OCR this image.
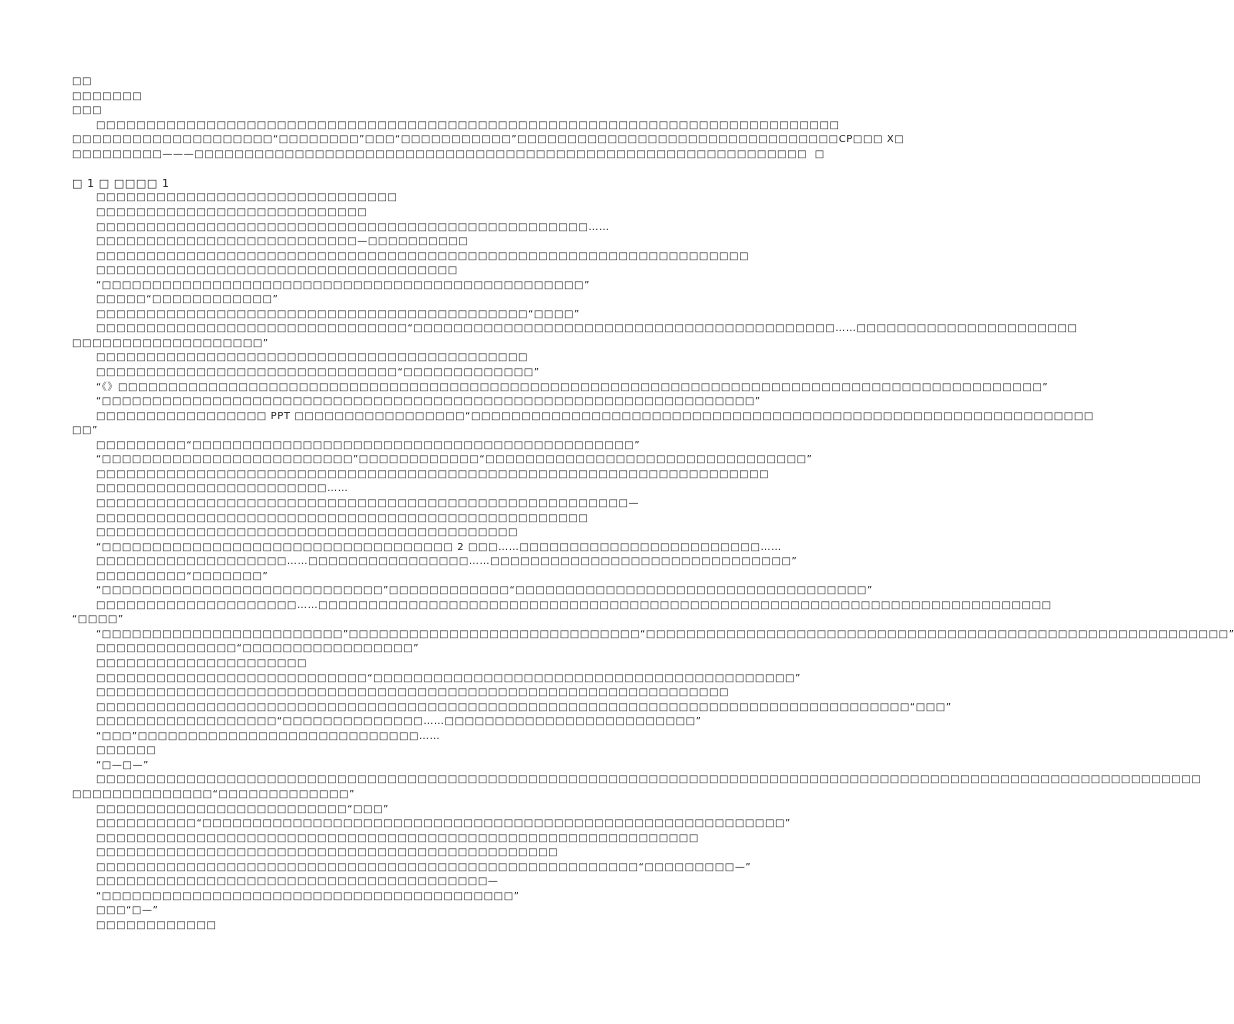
□□
□□□□□□□
□□□
□□□□□□□□□□□□□□□□□□□□□□□□□□□□□□□□□□□□□□□□□□□□□□□□□□□□□□□□□□□□□□□□□□□□□□□□□□
□□□□□□□□□□□□□□□□□□□□“□□□□□□□□”□□□“□□□□□□□□□□□”□□□□□□□□□□□□□□□□□□□□□□□□□□□□□□□□CP□□□ X□
□□□□□□□□□———□□□□□□□□□□□□□□□□□□□□□□□□□□□□□□□□□□□□□□□□□□□□□□□□□□□□□□□□□□□□□  □
□ 1 □ □□□□ 1
□□□□□□□□□□□□□□□□□□□□□□□□□□□□□□
□□□□□□□□□□□□□□□□□□□□□□□□□□□
□□□□□□□□□□□□□□□□□□□□□□□□□□□□□□□□□□□□□□□□□□□□□□□□□……
□□□□□□□□□□□□□□□□□□□□□□□□□□—□□□□□□□□□□
□□□□□□□□□□□□□□□□□□□□□□□□□□□□□□□□□□□□□□□□□□□□□□□□□□□□□□□□□□□□□□□□□
□□□□□□□□□□□□□□□□□□□□□□□□□□□□□□□□□□□□
“□□□□□□□□□□□□□□□□□□□□□□□□□□□□□□□□□□□□□□□□□□□□□□□□”
□□□□□“□□□□□□□□□□□□”
□□□□□□□□□□□□□□□□□□□□□□□□□□□□□□□□□□□□□□□□□□□“□□□□”
□□□□□□□□□□□□□□□□□□□□□□□□□□□□□□□“□□□□□□□□□□□□□□□□□□□□□□□□□□□□□□□□□□□□□□□□□□……□□□□□□□□□□□□□□□□□□□□□□
□□□□□□□□□□□□□□□□□□□”
□□□□□□□□□□□□□□□□□□□□□□□□□□□□□□□□□□□□□□□□□□□
□□□□□□□□□□□□□□□□□□□□□□□□□□□□□□“□□□□□□□□□□□□□”
“《》□□□□□□□□□□□□□□□□□□□□□□□□□□□□□□□□□□□□□□□□□□□□□□□□□□□□□□□□□□□□□□□□□□□□□□□□□□□□□□□□□□□□□□□□□□□□”
“□□□□□□□□□□□□□□□□□□□□□□□□□□□□□□□□□□□□□□□□□□□□□□□□□□□□□□□□□□□□□□□□□”
□□□□□□□□□□□□□□□□□ PPT □□□□□□□□□□□□□□□□□“□□□□□□□□□□□□□□□□□□□□□□□□□□□□□□□□□□□□□□□□□□□□□□□□□□□□□□□□□□□□□□
□□”
□□□□□□□□□“□□□□□□□□□□□□□□□□□□□□□□□□□□□□□□□□□□□□□□□□□□□□”
“□□□□□□□□□□□□□□□□□□□□□□□□□”□□□□□□□□□□□□“□□□□□□□□□□□□□□□□□□□□□□□□□□□□□□□□”
□□□□□□□□□□□□□□□□□□□□□□□□□□□□□□□□□□□□□□□□□□□□□□□□□□□□□□□□□□□□□□□□□□□
□□□□□□□□□□□□□□□□□□□□□□□……
□□□□□□□□□□□□□□□□□□□□□□□□□□□□□□□□□□□□□□□□□□□□□□□□□□□□□—
□□□□□□□□□□□□□□□□□□□□□□□□□□□□□□□□□□□□□□□□□□□□□□□□□
□□□□□□□□□□□□□□□□□□□□□□□□□□□□□□□□□□□□□□□□□□
“□□□□□□□□□□□□□□□□□□□□□□□□□□□□□□□□□□□ 2 □□□……□□□□□□□□□□□□□□□□□□□□□□□□……
□□□□□□□□□□□□□□□□□□□……□□□□□□□□□□□□□□□□……□□□□□□□□□□□□□□□□□□□□□□□□□□□□□□”
□□□□□□□□□“□□□□□□□”
“□□□□□□□□□□□□□□□□□□□□□□□□□□□□”□□□□□□□□□□□□“□□□□□□□□□□□□□□□□□□□□□□□□□□□□□□□□□□□”
□□□□□□□□□□□□□□□□□□□□……□□□□□□□□□□□□□□□□□□□□□□□□□□□□□□□□□□□□□□□□□□□□□□□□□□□□□□□□□□□□□□□□□□□□□□□□□
“□□□□”
“□□□□□□□□□□□□□□□□□□□□□□□□”□□□□□□□□□□□□□□□□□□□□□□□□□□□□□“□□□□□□□□□□□□□□□□□□□□□□□□□□□□□□□□□□□□□□□□□□□□□□□□□□□□□□□□□□”
□□□□□□□□□□□□□□“□□□□□□□□□□□□□□□□□”
□□□□□□□□□□□□□□□□□□□□□
□□□□□□□□□□□□□□□□□□□□□□□□□□□“□□□□□□□□□□□□□□□□□□□□□□□□□□□□□□□□□□□□□□□□□□”
□□□□□□□□□□□□□□□□□□□□□□□□□□□□□□□□□□□□□□□□□□□□□□□□□□□□□□□□□□□□□□□
□□□□□□□□□□□□□□□□□□□□□□□□□□□□□□□□□□□□□□□□□□□□□□□□□□□□□□□□□□□□□□□□□□□□□□□□□□□□□□□□□“□□□”
□□□□□□□□□□□□□□□□□□“□□□□□□□□□□□□□□……□□□□□□□□□□□□□□□□□□□□□□□□□”
“□□□”□□□□□□□□□□□□□□□□□□□□□□□□□□□□……
□□□□□□
“□—□—”
□□□□□□□□□□□□□□□□□□□□□□□□□□□□□□□□□□□□□□□□□□□□□□□□□□□□□□□□□□□□□□□□□□□□□□□□□□□□□□□□□□□□□□□□□□□□□□□□□□□□□□□□□□□□□□
□□□□□□□□□□□□□□“□□□□□□□□□□□□□”
□□□□□□□□□□□□□□□□□□□□□□□□□“□□□”
□□□□□□□□□□“□□□□□□□□□□□□□□□□□□□□□□□□□□□□□□□□□□□□□□□□□□□□□□□□□□□□□□□□□□”
□□□□□□□□□□□□□□□□□□□□□□□□□□□□□□□□□□□□□□□□□□□□□□□□□□□□□□□□□□□□
□□□□□□□□□□□□□□□□□□□□□□□□□□□□□□□□□□□□□□□□□□□□□□
□□□□□□□□□□□□□□□□□□□□□□□□□□□□□□□□□□□□□□□□□□□□□□□□□□□□□□“□□□□□□□□□—”
□□□□□□□□□□□□□□□□□□□□□□□□□□□□□□□□□□□□□□□—
“□□□□□□□□□□□□□□□□□□□□□□□□□□□□□□□□□□□□□□□□□”
□□□“□—”
□□□□□□□□□□□□
